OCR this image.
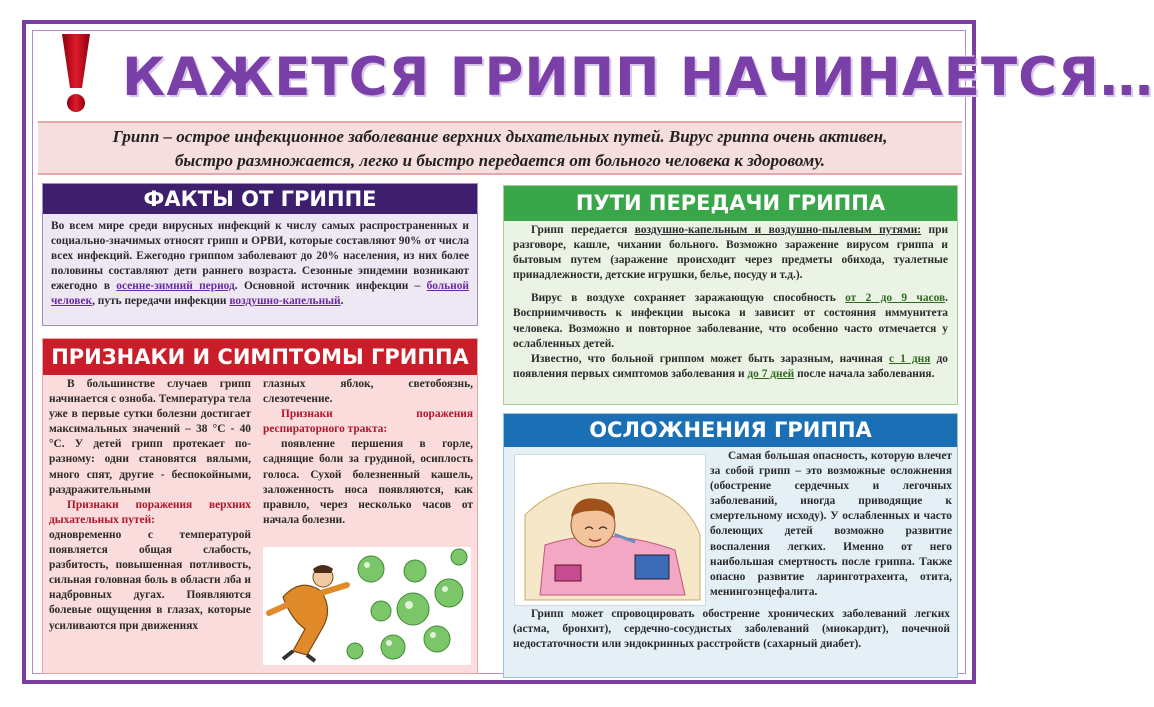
КАЖЕТСЯ ГРИПП НАЧИНАЕТСЯ…
Грипп – острое инфекционное заболевание верхних дыхательных путей. Вирус гриппа очень активен,
быстро размножается, легко и быстро передается от больного человека к здоровому.
ФАКТЫ ОТ ГРИППЕ
Во всем мире среди вирусных инфекций к числу самых распространенных и социально-значимых относят грипп и ОРВИ, которые составляют 90% от числа всех инфекций. Ежегодно гриппом заболевают до 20% населения, из них более половины составляют дети раннего возраста. Сезонные эпидемии возникают ежегодно в осенне-зимний период. Основной источник инфекции – больной человек, путь передачи инфекции воздушно-капельный.
ПРИЗНАКИ И СИМПТОМЫ ГРИППА

В большинстве случаев грипп начинается с озноба. Температура тела уже в первые сутки болезни достигает максимальных значений – 38 °С - 40 °С. У детей грипп протекает по-разному: одни становятся вялыми, много спят, другие - беспокойными, раздражительными

Признаки поражения верхних дыхательных путей:

одновременно с температурой появляется общая слабость, разбитость, повышенная потливость, сильная головная боль в области лба и надбровных дугах. Появляются болевые ощущения в глазах, которые усиливаются при движениях

глазных яблок, светобоязнь, слезотечение.

Признаки поражения респираторного тракта:

появление першения в горле, саднящие боли за грудиной, осиплость голоса. Сухой болезненный кашель, заложенность носа появляются, как правило, через несколько часов от начала болезни.

ПУТИ ПЕРЕДАЧИ ГРИППА

Грипп передается воздушно-капельным и воздушно-пылевым путями: при разговоре, кашле, чихании больного. Возможно заражение вирусом гриппа и бытовым путем (заражение происходит через предметы обихода, туалетные принадлежности, детские игрушки, белье, посуду и т.д.).

Вирус в воздухе сохраняет заражающую способность от 2 до 9 часов. Восприимчивость к инфекции высока и зависит от состояния иммунитета человека. Возможно и повторное заболевание, что особенно часто отмечается у ослабленных детей.

Известно, что больной гриппом может быть заразным, начиная с 1 дня до появления первых симптомов заболевания и до 7 дней после начала заболевания.

ОСЛОЖНЕНИЯ ГРИППА

Самая большая опасность, которую влечет за собой грипп – это возможные осложнения (обострение сердечных и легочных заболеваний, иногда приводящие к смертельному исходу). У ослабленных и часто болеющих детей возможно развитие воспаления легких. Именно от него наибольшая смертность после гриппа. Также опасно развитие ларинготрахеита, отита, менингоэнцефалита.

Грипп может спровоцировать обострение хронических заболеваний легких (астма, бронхит), сердечно-сосудистых заболеваний (миокардит), почечной недостаточности или эндокринных расстройств (сахарный диабет).
